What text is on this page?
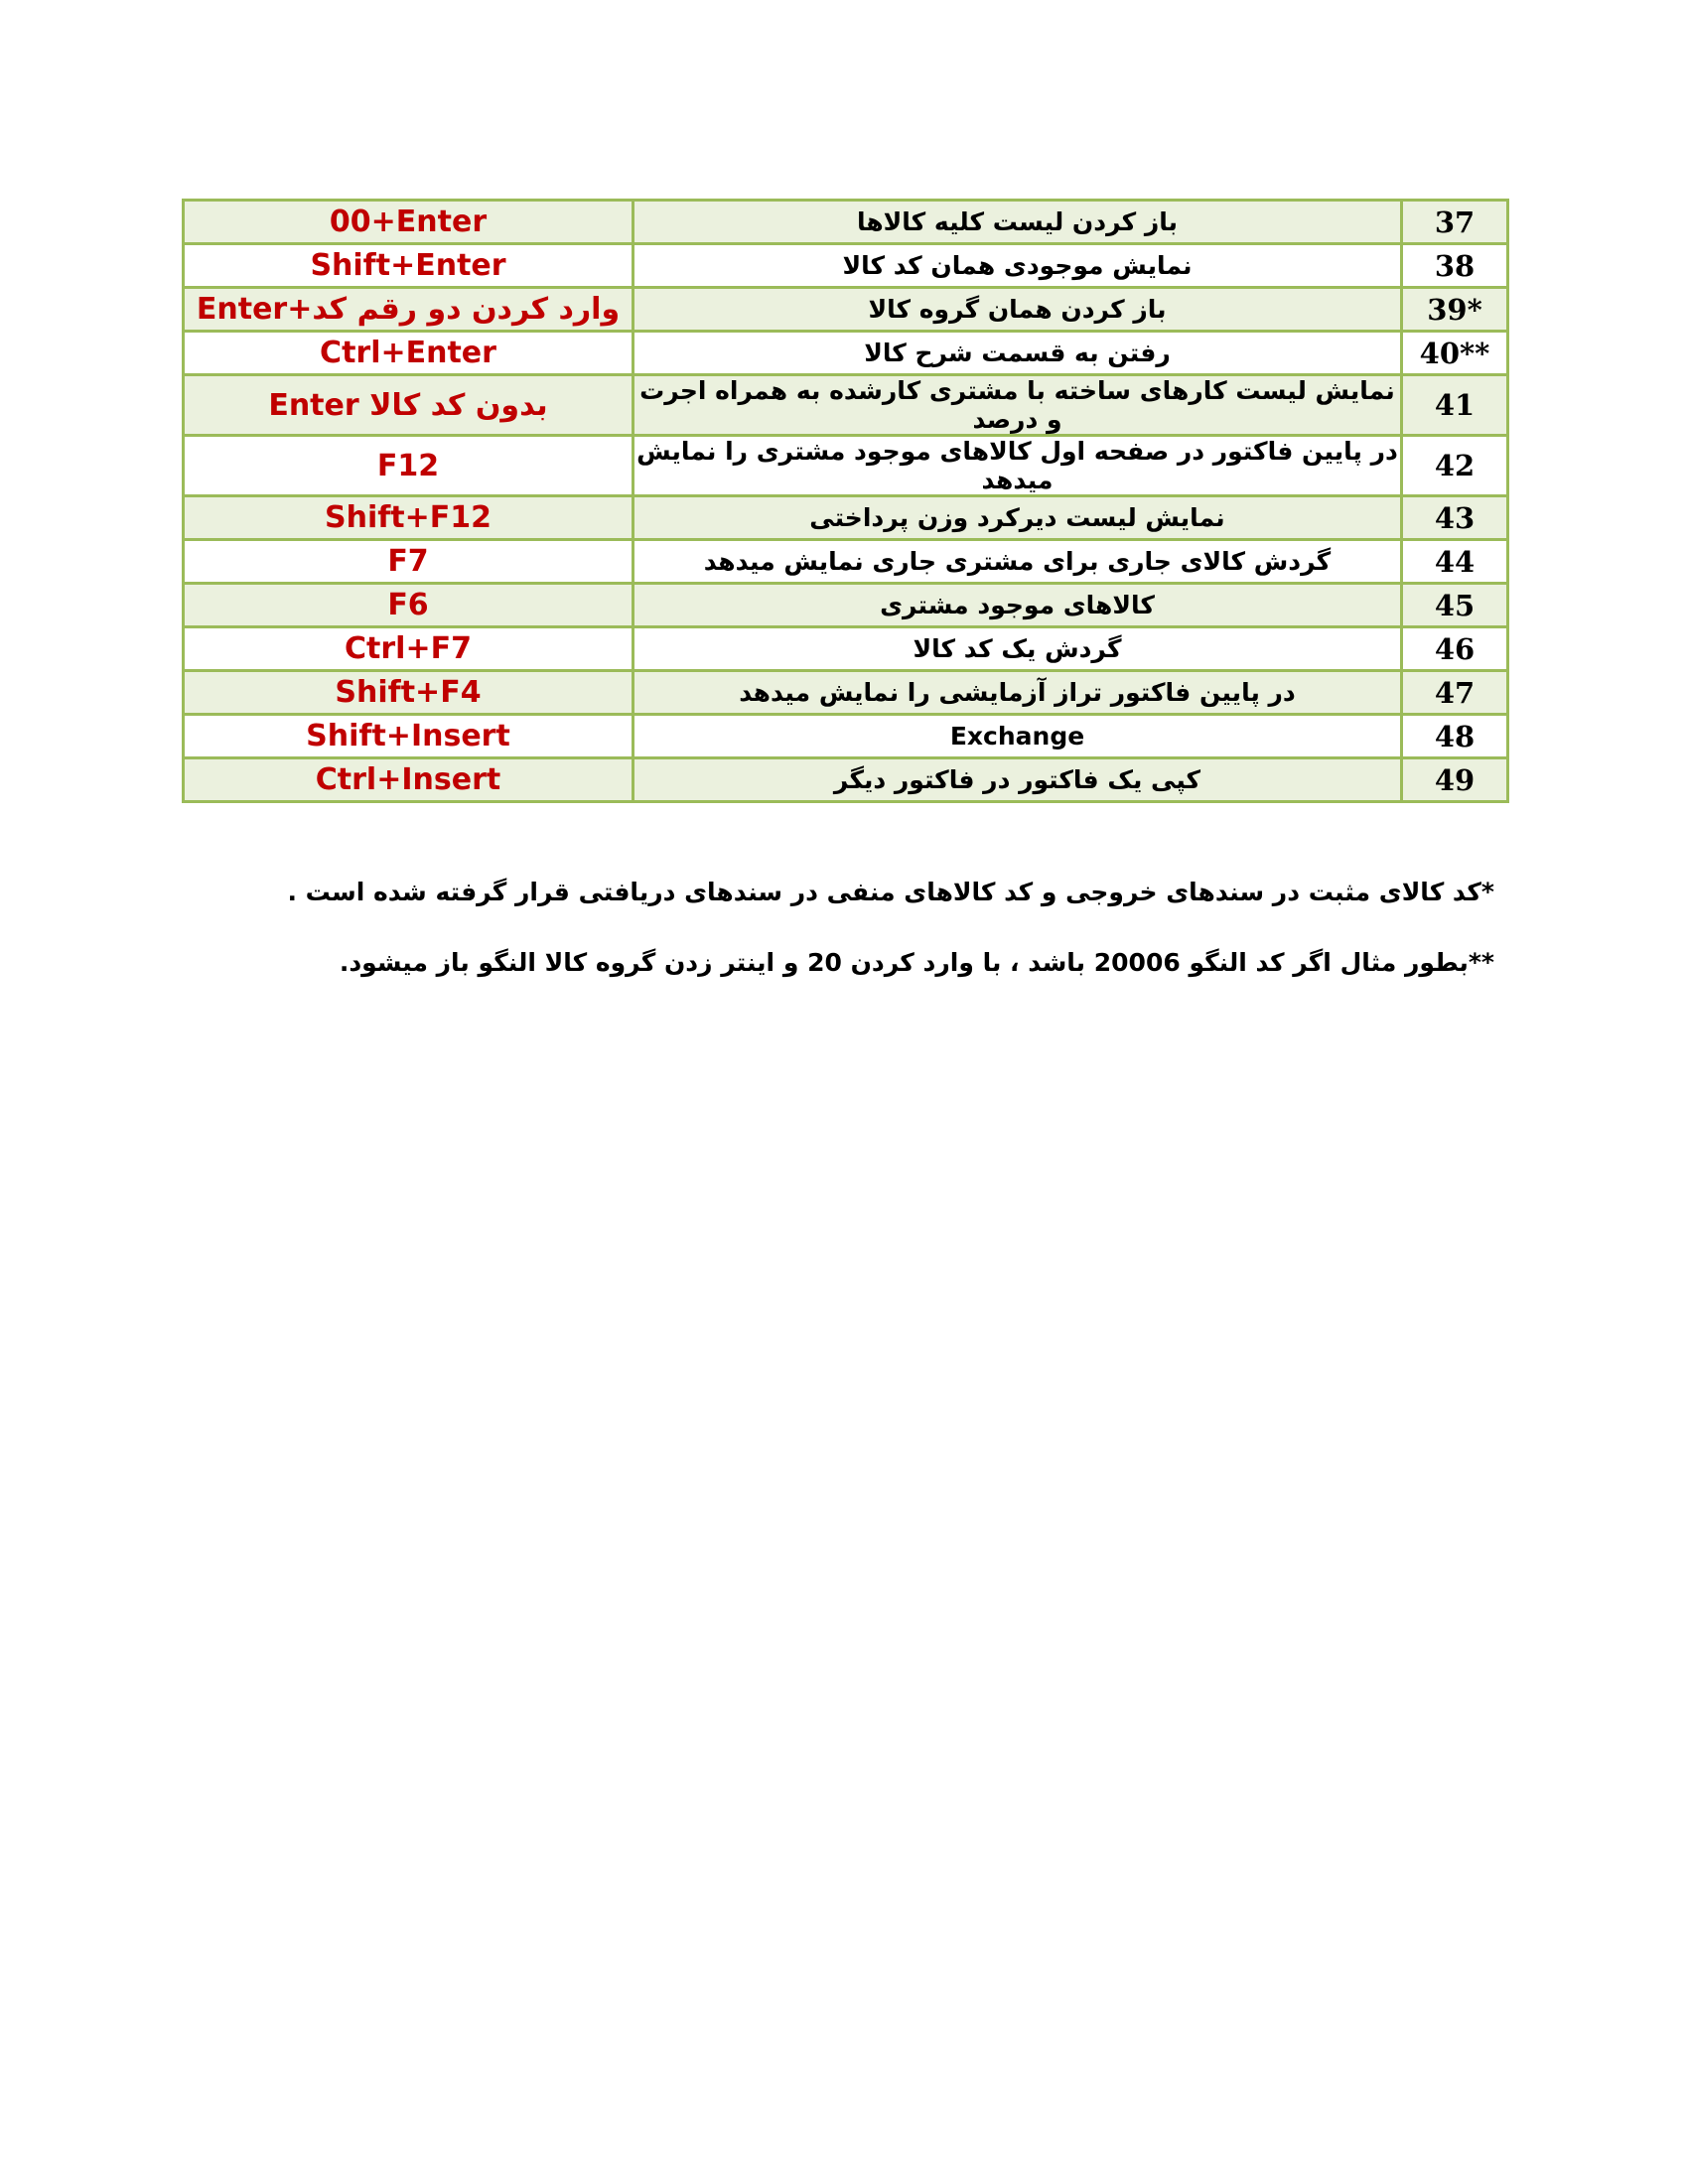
00+Enter	باز کردن لیست کلیه کالاها	37
Shift+Enter	نمایش موجودی همان کد کالا	38
وارد کردن دو رقم کد+Enter	باز کردن همان گروه کالا	39*
Ctrl+Enter	رفتن به قسمت شرح کالا	40**
Enter بدون کد کالا	نمایش لیست کارهای ساخته با مشتری کارشده به همراه اجرت و درصد	41
F12	در پایین فاکتور در صفحه اول کالاهای موجود مشتری را نمایش میدهد	42
Shift+F12	نمایش لیست دیرکرد وزن پرداختی	43
F7	گردش کالای جاری برای مشتری جاری نمایش میدهد	44
F6	کالاهای موجود مشتری	45
Ctrl+F7	گردش یک کد کالا	46
Shift+F4	در پایین فاکتور تراز آزمایشی را نمایش میدهد	47
Shift+Insert	Exchange	48
Ctrl+Insert	کپی یک فاکتور در فاکتور دیگر	49
*کد کالای مثبت در سندهای خروجی و کد کالاهای منفی در سندهای دریافتی قرار گرفته شده است .
**بطور مثال اگر کد النگو 20006 باشد ، با وارد کردن 20 و اینتر زدن گروه کالا النگو باز میشود.
